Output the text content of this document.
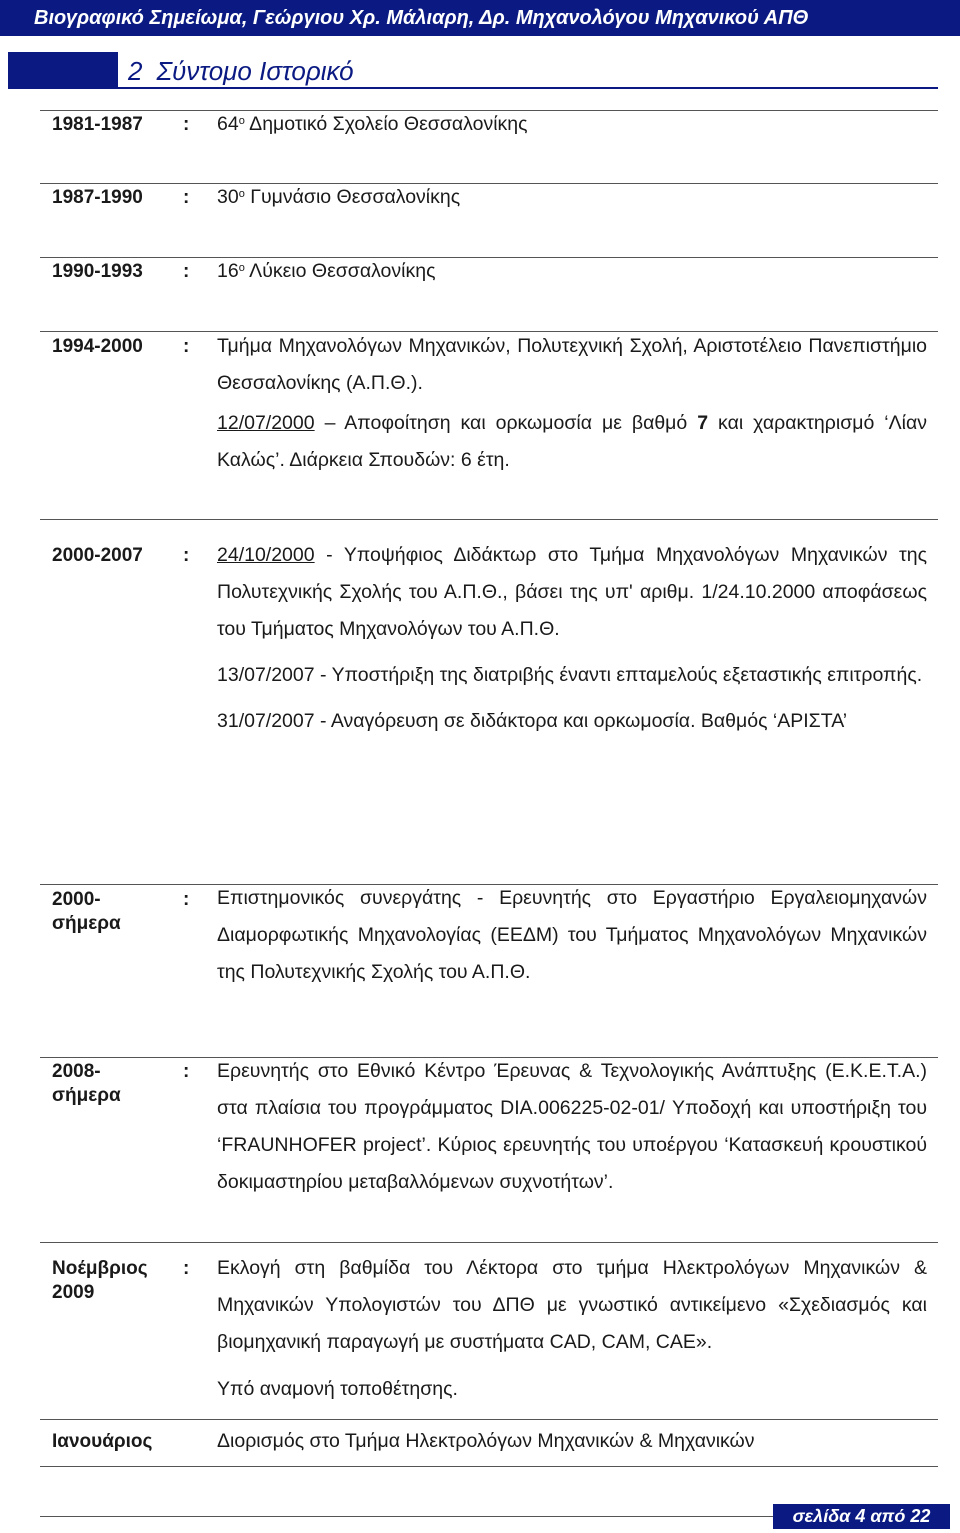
Βιογραφικό Σημείωμα, Γεώργιου Χρ. Μάλιαρη, Δρ. Μηχανολόγου Μηχανικού ΑΠΘ
2 Σύντομο Ιστορικό
1981-1987 : $64^o$ Δημοτικό Σχολείο Θεσσαλονίκης
1987-1990 : $30^o$ Γυμνάσιο Θεσσαλονίκης
1990-1993 : $16^o$ Λύκειο Θεσσαλονίκης
1994-2000 : Τμήμα Μηχανολόγων Μηχανικών, Πολυτεχνική Σχολή, Αριστοτέλειο Πανεπιστήμιο Θεσσαλονίκης (Α.Π.Θ.).

12/07/2000 – Αποφοίτηση και ορκωμοσία με βαθμό 7 και χαρακτηρισμό ‘Λίαν Καλώς’. Διάρκεια Σπουδών: 6 έτη.

2000-2007 : 24/10/2000 - Υποψήφιος Διδάκτωρ στο Τμήμα Μηχανολόγων Μηχανικών της Πολυτεχνικής Σχολής του Α.Π.Θ., βάσει της υπ' αριθμ. 1/24.10.2000 αποφάσεως του Τμήματος Μηχανολόγων του Α.Π.Θ.

13/07/2007 - Υποστήριξη της διατριβής έναντι επταμελούς εξεταστικής επιτροπής.

31/07/2007 - Αναγόρευση σε διδάκτορα και ορκωμοσία. Βαθμός ‘ΑΡΙΣΤΑ’

2000-
σήμερα
: Επιστημονικός συνεργάτης - Ερευνητής στο Εργαστήριο Εργαλειομηχανών Διαμορφωτικής Μηχανολογίας (ΕΕΔΜ) του Τμήματος Μηχανολόγων Μηχανικών της Πολυτεχνικής Σχολής του Α.Π.Θ.

2008-
σήμερα
: Ερευνητής στο Εθνικό Κέντρο Έρευνας & Τεχνολογικής Ανάπτυξης (Ε.Κ.Ε.Τ.Α.) στα πλαίσια του προγράμματος DIA.006225-02-01/ Υποδοχή και υποστήριξη του ‘FRAUNHOFER project’. Κύριος ερευνητής του υποέργου ‘Κατασκευή κρουστικού δοκιμαστηρίου μεταβαλλόμενων συχνοτήτων’.

Νοέμβριος
2009
: Εκλογή στη βαθμίδα του Λέκτορα στο τμήμα Ηλεκτρολόγων Μηχανικών & Μηχανικών Υπολογιστών του ΔΠΘ με γνωστικό αντικείμενο «Σχεδιασμός και βιομηχανική παραγωγή με συστήματα CAD, CAM, CAE».

Υπό αναμονή τοποθέτησης.

Ιανουάριος	Διορισμός στο Τμήμα Ηλεκτρολόγων Μηχανικών & Μηχανικών

σελίδα 4 από 22
